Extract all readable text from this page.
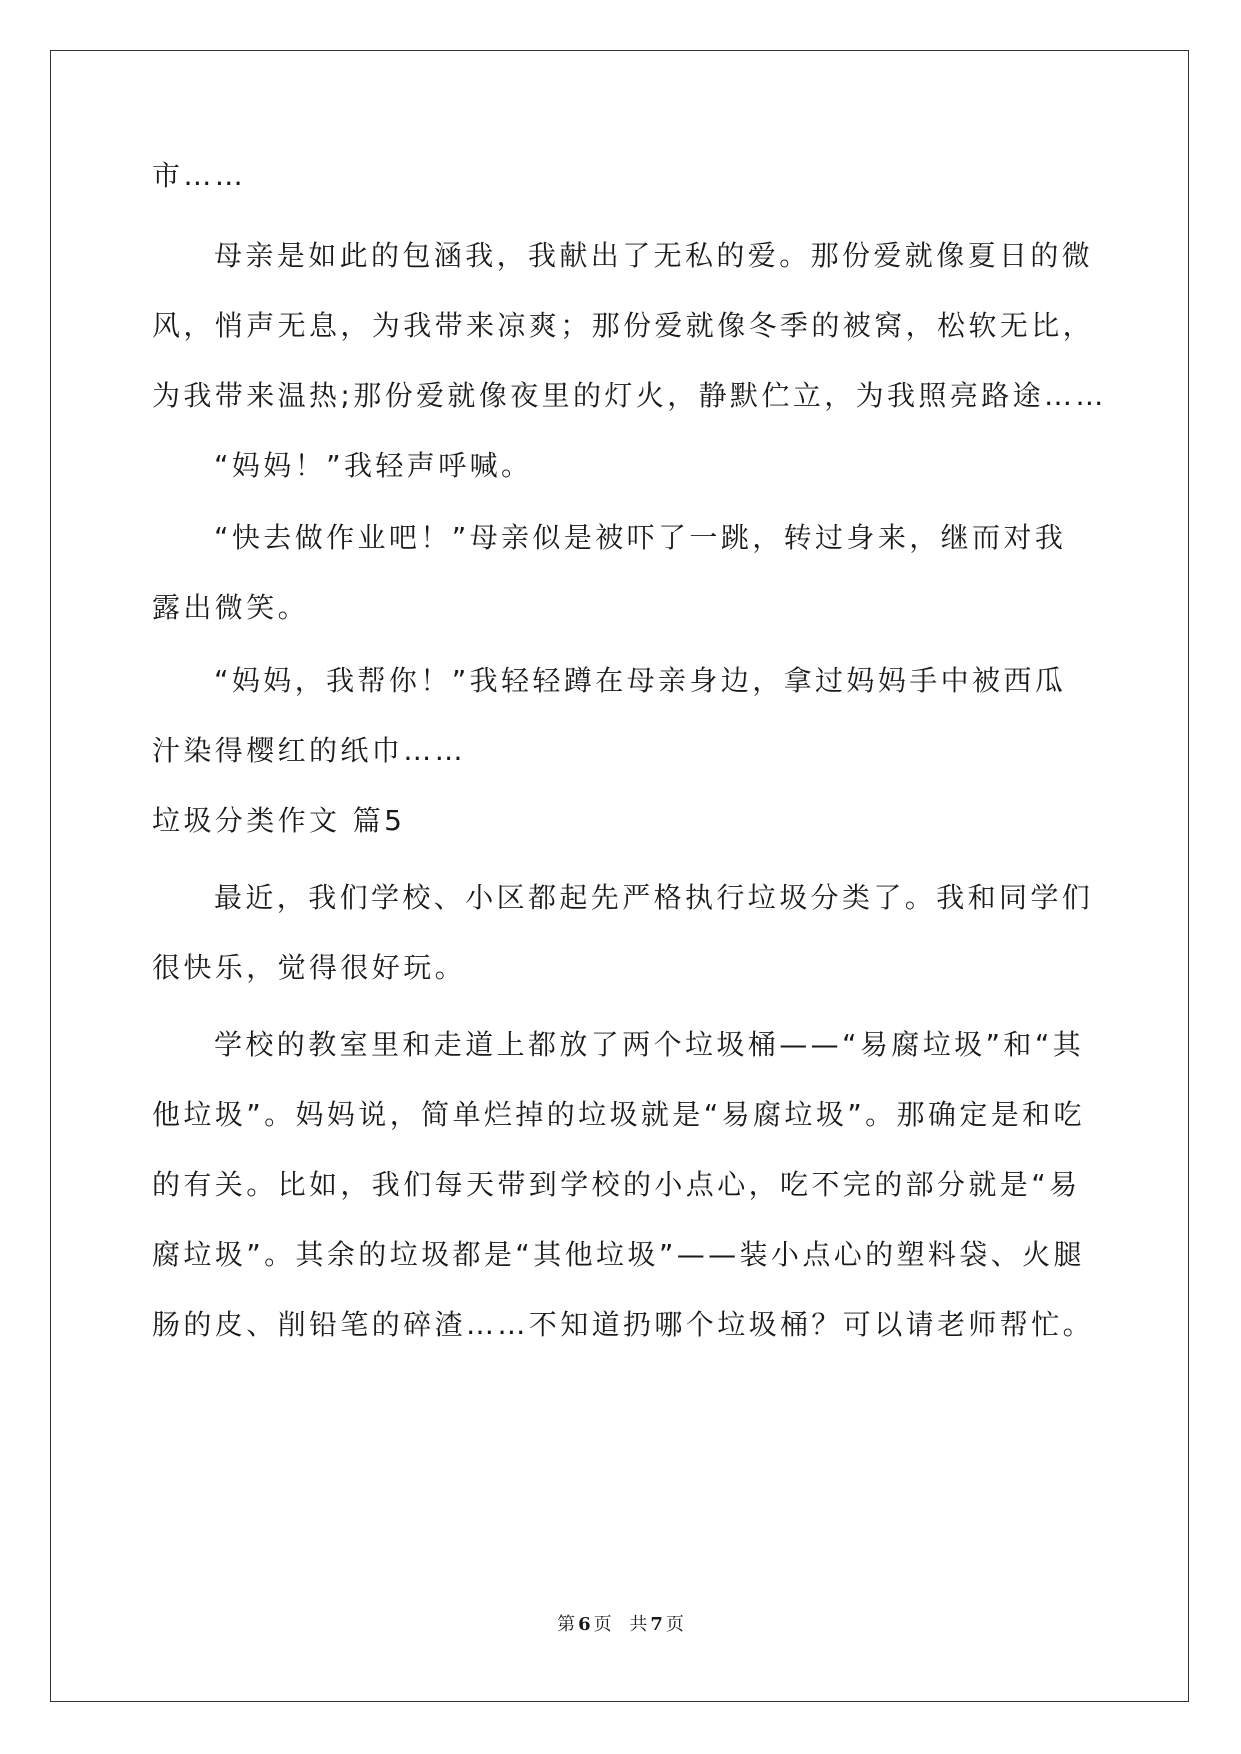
市……
母亲是如此的包涵我，我献出了无私的爱。那份爱就像夏日的微
风，悄声无息，为我带来凉爽；那份爱就像冬季的被窝，松软无比，
为我带来温热;那份爱就像夜里的灯火，静默伫立，为我照亮路途……
“妈妈！”我轻声呼喊。
“快去做作业吧！”母亲似是被吓了一跳，转过身来，继而对我
露出微笑。
“妈妈，我帮你！”我轻轻蹲在母亲身边，拿过妈妈手中被西瓜
汁染得樱红的纸巾……
垃圾分类作文 篇5
最近，我们学校、小区都起先严格执行垃圾分类了。我和同学们
很快乐，觉得很好玩。
学校的教室里和走道上都放了两个垃圾桶——“易腐垃圾”和“其
他垃圾”。妈妈说，简单烂掉的垃圾就是“易腐垃圾”。那确定是和吃
的有关。比如，我们每天带到学校的小点心，吃不完的部分就是“易
腐垃圾”。其余的垃圾都是“其他垃圾”——装小点心的塑料袋、火腿
肠的皮、削铅笔的碎渣……不知道扔哪个垃圾桶？可以请老师帮忙。
第 6 页 共 7 页
